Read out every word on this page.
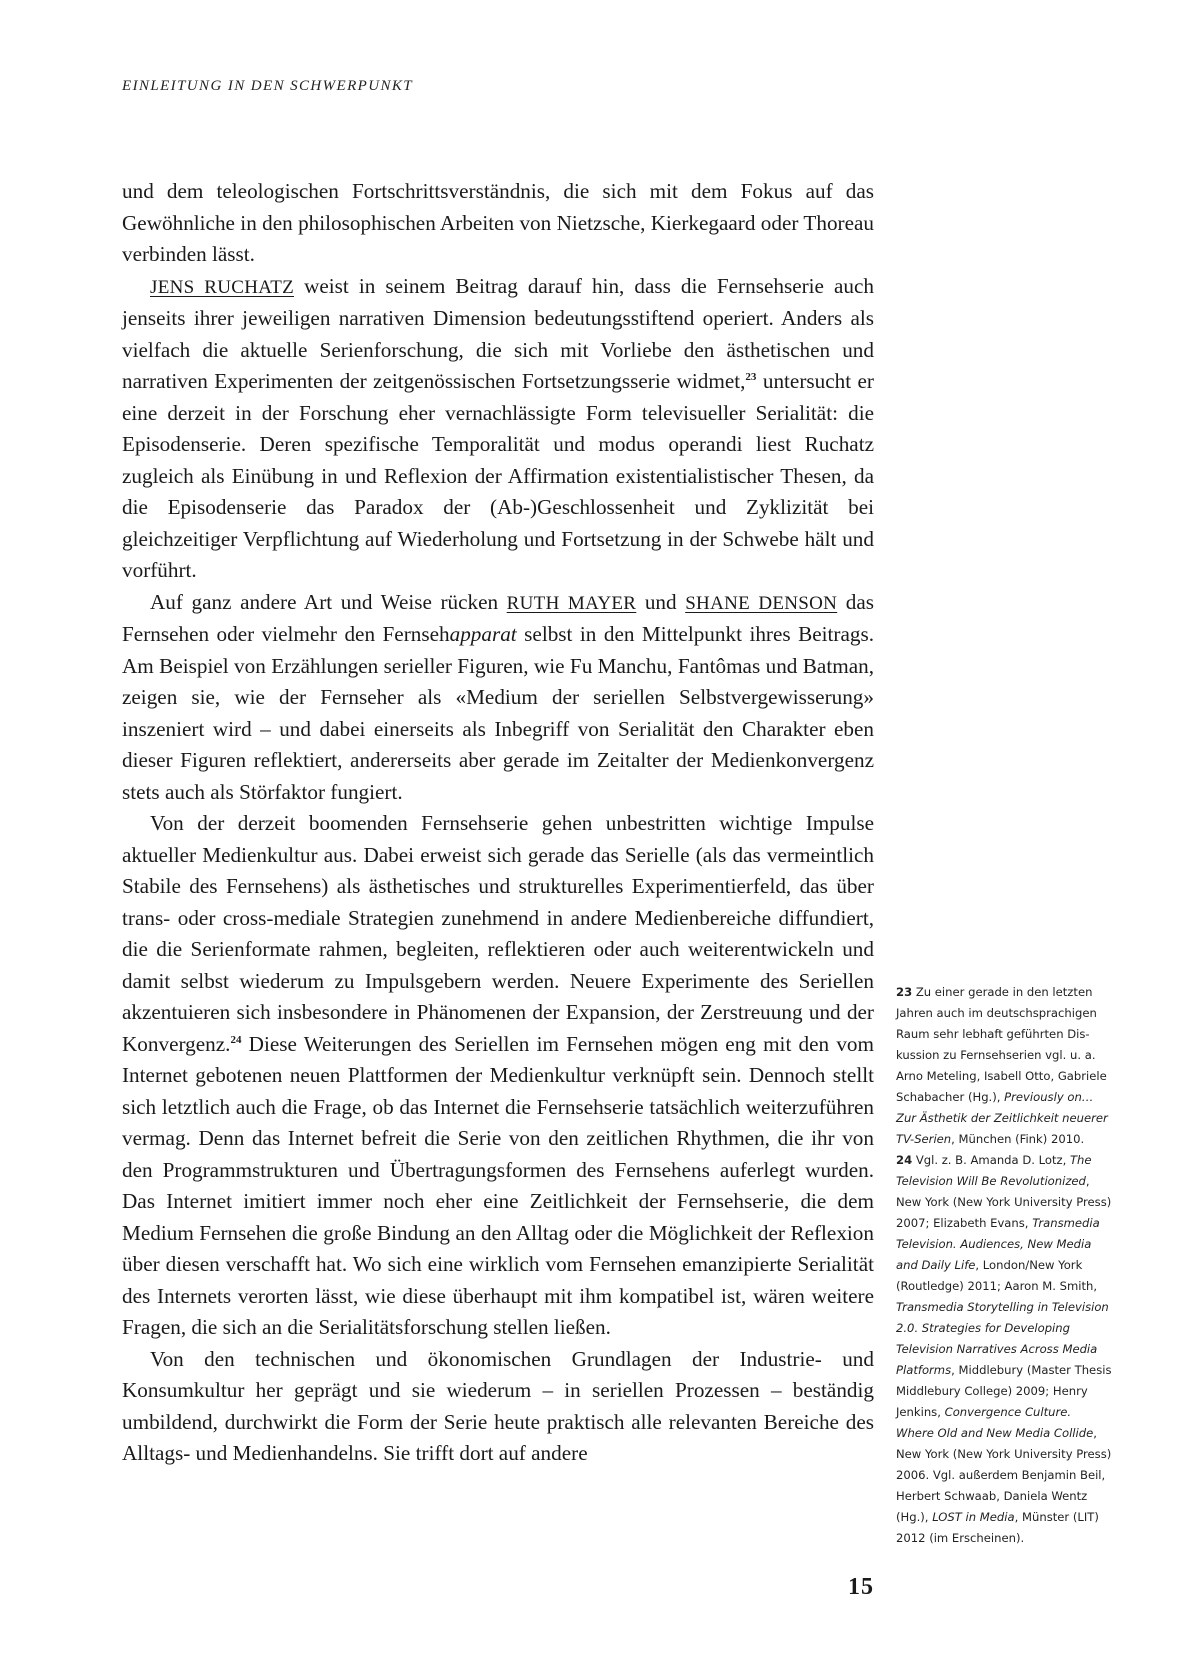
EINLEITUNG IN DEN SCHWERPUNKT

und dem teleologischen Fortschrittsverständnis, die sich mit dem Fokus auf das Gewöhnliche in den philosophischen Arbeiten von Nietzsche, Kierkegaard oder Thoreau verbinden lässt.

JENS RUCHATZ weist in seinem Beitrag darauf hin, dass die Fernsehserie auch jenseits ihrer jeweiligen narrativen Dimension bedeutungsstiftend operiert. Anders als vielfach die aktuelle Serienforschung, die sich mit Vorliebe den ästhetischen und narrativen Experimenten der zeitgenössischen Fortsetzungsserie widmet,$^{23}$ untersucht er eine derzeit in der Forschung eher vernachlässigte Form televisueller Serialität: die Episodenserie. Deren spezifische Temporalität und modus operandi liest Ruchatz zugleich als Einübung in und Reflexion der Affirmation existentialistischer Thesen, da die Episodenserie das Paradox der (Ab-)Geschlossenheit und Zyklizität bei gleichzeitiger Verpflichtung auf Wiederholung und Fortsetzung in der Schwebe hält und vorführt.

Auf ganz andere Art und Weise rücken RUTH MAYER und SHANE DENSON das Fernsehen oder vielmehr den Fernsehapparat selbst in den Mittelpunkt ihres Beitrags. Am Beispiel von Erzählungen serieller Figuren, wie Fu Manchu, Fantômas und Batman, zeigen sie, wie der Fernseher als «Medium der seriellen Selbstvergewisserung» inszeniert wird – und dabei einerseits als Inbegriff von Serialität den Charakter eben dieser Figuren reflektiert, andererseits aber gerade im Zeitalter der Medienkonvergenz stets auch als Störfaktor fungiert.

Von der derzeit boomenden Fernsehserie gehen unbestritten wichtige Impulse aktueller Medienkultur aus. Dabei erweist sich gerade das Serielle (als das vermeintlich Stabile des Fernsehens) als ästhetisches und strukturelles Experimentierfeld, das über trans- oder cross-mediale Strategien zunehmend in andere Medienbereiche diffundiert, die die Serienformate rahmen, begleiten, reflektieren oder auch weiterentwickeln und damit selbst wiederum zu Impulsgebern werden. Neuere Experimente des Seriellen akzentuieren sich insbesondere in Phänomenen der Expansion, der Zerstreuung und der Konvergenz.$^{24}$ Diese Weiterungen des Seriellen im Fernsehen mögen eng mit den vom Internet gebotenen neuen Plattformen der Medienkultur verknüpft sein. Dennoch stellt sich letztlich auch die Frage, ob das Internet die Fernsehserie tatsächlich weiterzuführen vermag. Denn das Internet befreit die Serie von den zeitlichen Rhythmen, die ihr von den Programmstrukturen und Übertragungsformen des Fernsehens auferlegt wurden. Das Internet imitiert immer noch eher eine Zeitlichkeit der Fernsehserie, die dem Medium Fernsehen die große Bindung an den Alltag oder die Möglichkeit der Reflexion über diesen verschafft hat. Wo sich eine wirklich vom Fernsehen emanzipierte Serialität des Internets verorten lässt, wie diese überhaupt mit ihm kompatibel ist, wären weitere Fragen, die sich an die Serialitätsforschung stellen ließen.

Von den technischen und ökonomischen Grundlagen der Industrie- und Konsumkultur her geprägt und sie wiederum – in seriellen Prozessen – beständig umbildend, durchwirkt die Form der Serie heute praktisch alle relevanten Bereiche des Alltags- und Medienhandelns. Sie trifft dort auf andere

23 Zu einer gerade in den letzten Jahren auch im deutschsprachigen Raum sehr lebhaft geführten Diskussion zu Fernsehserien vgl. u. a. Arno Meteling, Isabell Otto, Gabriele Schabacher (Hg.), Previously on… Zur Ästhetik der Zeitlichkeit neuerer TV-Serien, München (Fink) 2010.

24 Vgl. z. B. Amanda D. Lotz, The Television Will Be Revolutionized, New York (New York University Press) 2007; Elizabeth Evans, Transmedia Television. Audiences, New Media and Daily Life, London/New York (Routledge) 2011; Aaron M. Smith, Transmedia Storytelling in Television 2.0. Strategies for Developing Television Narratives Across Media Platforms, Middlebury (Master Thesis Middlebury College) 2009; Henry Jenkins, Convergence Culture. Where Old and New Media Collide, New York (New York University Press) 2006. Vgl. außerdem Benjamin Beil, Herbert Schwaab, Daniela Wentz (Hg.), LOST in Media, Münster (LIT) 2012 (im Erscheinen).

15
